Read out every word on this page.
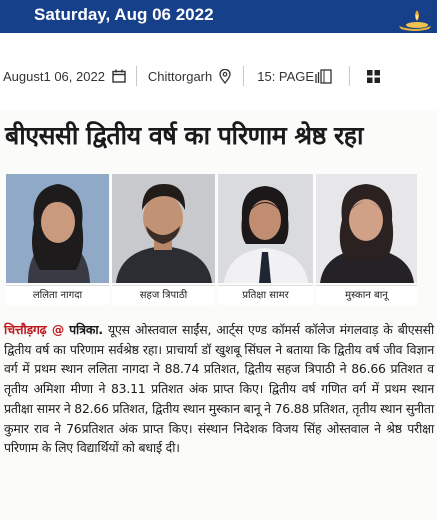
Saturday, Aug 06 2022
August1 06, 2022	Chittorgarh	15: PAGE
बीएससी द्वितीय वर्ष का परिणाम श्रेष्ठ रहा
ललिता नागदा	सहज त्रिपाठी	प्रतिक्षा सामर	मुस्कान बानू

चित्तौड़गढ़ @ पत्रिका. यूएस ओस्तवाल साईंस, आर्ट्स एण्ड कॉमर्स कॉलेज मंगलवाड़ के बीएससी द्वितीय वर्ष का परिणाम सर्वश्रेष्ठ रहा। प्राचार्या डॉ खुशबू सिंघल ने बताया कि द्वितीय वर्ष जीव विज्ञान वर्ग में प्रथम स्थान ललिता नागदा ने 88.74 प्रतिशत, द्वितीय सहज त्रिपाठी ने 86.66 प्रतिशत व तृतीय अमिशा मीणा ने 83.11 प्रतिशत अंक प्राप्त किए। द्वितीय वर्ष गणित वर्ग में प्रथम स्थान प्रतीक्षा सामर ने 82.66 प्रतिशत, द्वितीय स्थान मुस्कान बानू ने 76.88 प्रतिशत, तृतीय स्थान सुनीता कुमार राव ने 76प्रतिशत अंक प्राप्त किए। संस्थान निदेशक विजय सिंह ओस्तवाल ने श्रेष्ठ परीक्षा परिणाम के लिए विद्यार्थियों को बधाई दी।
